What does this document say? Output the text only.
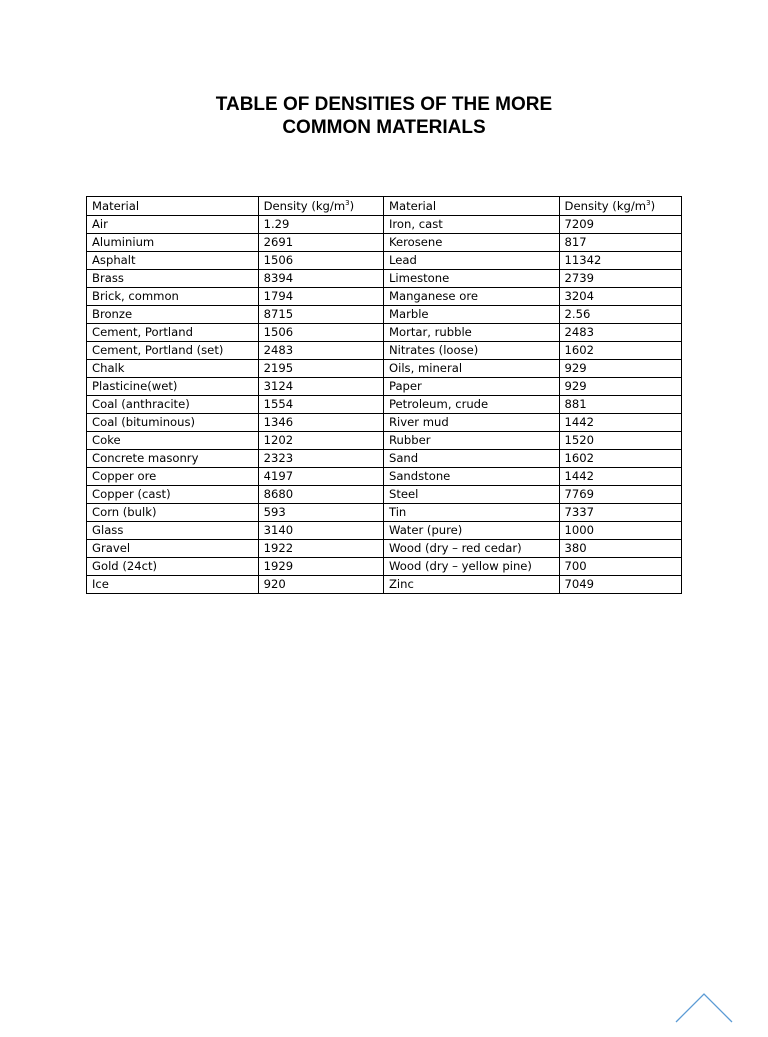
TABLE OF DENSITIES OF THE MORE
COMMON MATERIALS
Material	Density $(kg/m^3)$	Material	Density $(kg/m^3)$
Air	1.29	Iron, cast	7209
Aluminium	2691	Kerosene	817
Asphalt	1506	Lead	11342
Brass	8394	Limestone	2739
Brick, common	1794	Manganese ore	3204
Bronze	8715	Marble	2.56
Cement, Portland	1506	Mortar, rubble	2483
Cement, Portland (set)	2483	Nitrates (loose)	1602
Chalk	2195	Oils, mineral	929
Plasticine(wet)	3124	Paper	929
Coal (anthracite)	1554	Petroleum, crude	881
Coal (bituminous)	1346	River mud	1442
Coke	1202	Rubber	1520
Concrete masonry	2323	Sand	1602
Copper ore	4197	Sandstone	1442
Copper (cast)	8680	Steel	7769
Corn (bulk)	593	Tin	7337
Glass	3140	Water (pure)	1000
Gravel	1922	Wood (dry – red cedar)	380
Gold (24ct)	1929	Wood (dry – yellow pine)	700
Ice	920	Zinc	7049
